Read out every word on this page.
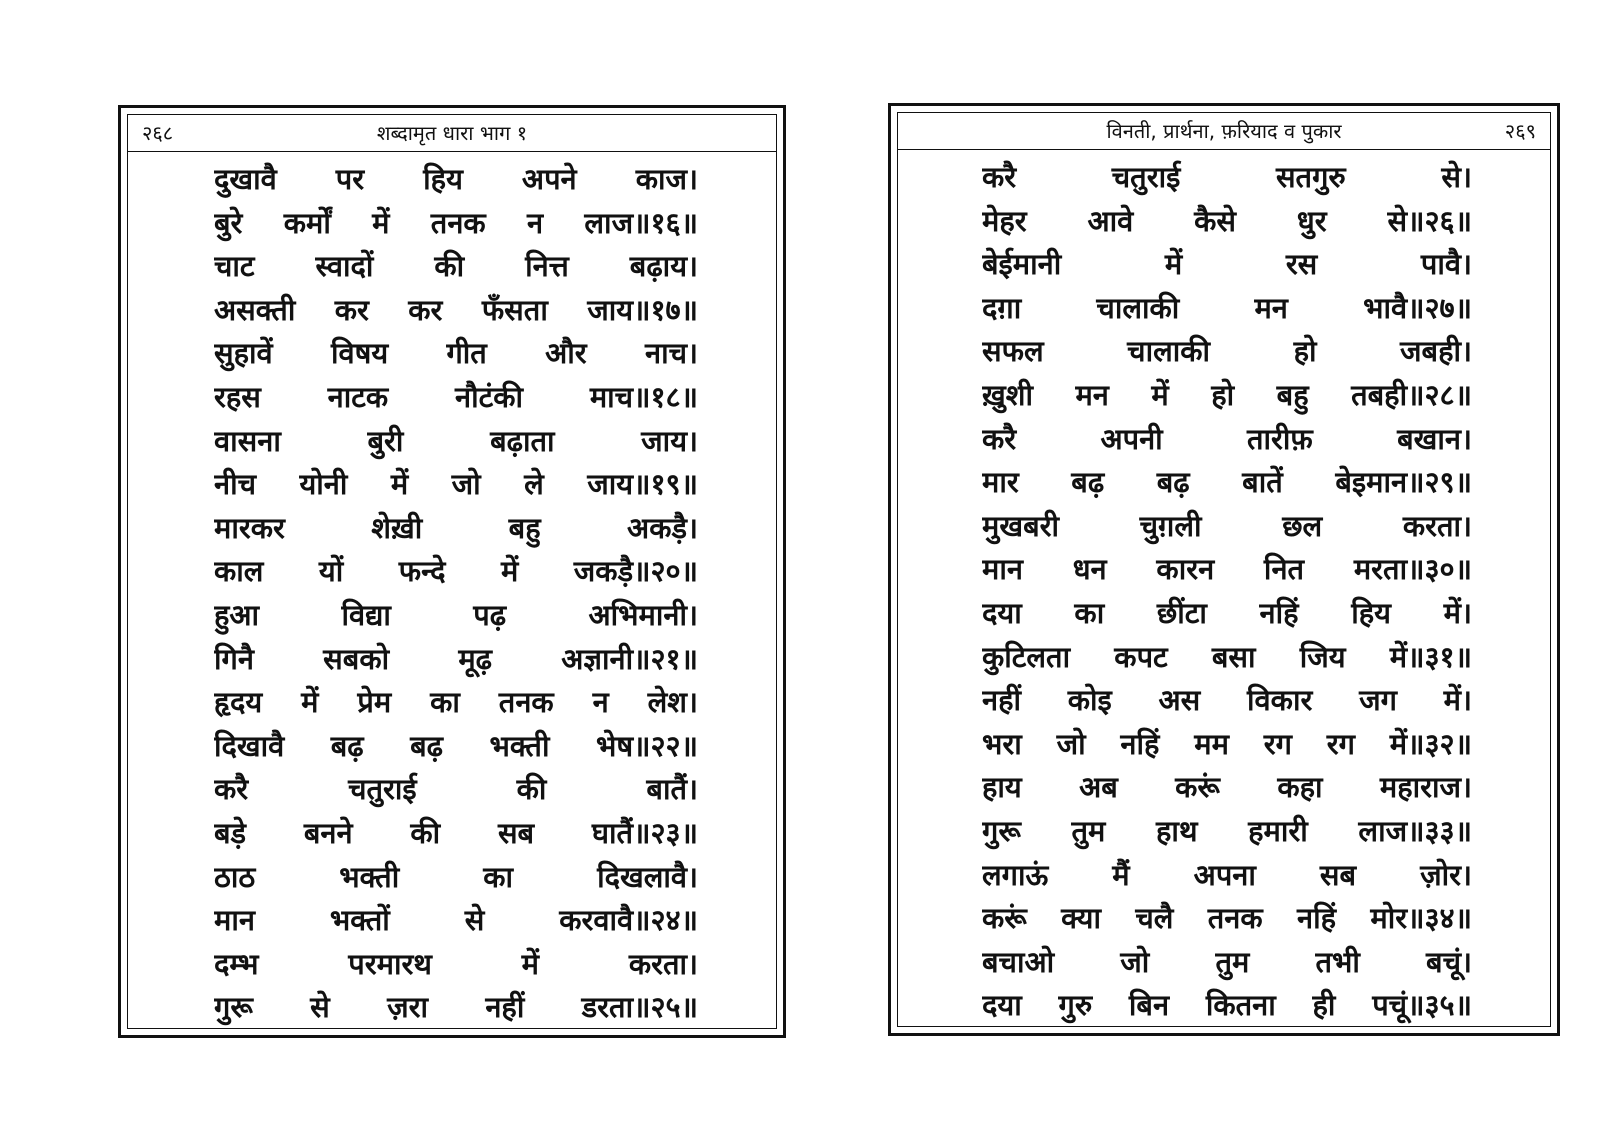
२६८	शब्दामृत धारा भाग १
दुखावै पर हिय अपने काज।
बुरे कर्मों में तनक न लाज॥१६॥
चाट स्वादों की नित्त बढ़ाय।
असक्ती कर कर फँसता जाय॥१७॥
सुहावें विषय गीत और नाच।
रहस नाटक नौटंकी माच॥१८॥
वासना बुरी बढ़ाता जाय।
नीच योनी में जो ले जाय॥१९॥
मारकर शेख़ी बहु अकड़ै।
काल यों फन्दे में जकड़ै॥२०॥
हुआ विद्या पढ़ अभिमानी।
गिनै सबको मूढ़ अज्ञानी॥२१॥
हृदय में प्रेम का तनक न लेश।
दिखावै बढ़ बढ़ भक्ती भेष॥२२॥
करै चतुराई की बातैं।
बड़े बनने की सब घातैं॥२३॥
ठाठ भक्ती का दिखलावै।
मान भक्तों से करवावै॥२४॥
दम्भ परमारथ में करता।
गुरू से ज़रा नहीं डरता॥२५॥
विनती, प्रार्थना, फ़रियाद व पुकार	२६९
करै चतुराई सतगुरु से।
मेहर आवे कैसे धुर से॥२६॥
बेईमानी में रस पावै।
दग़ा चालाकी मन भावै॥२७॥
सफल चालाकी हो जबही।
ख़ुशी मन में हो बहु तबही॥२८॥
करै अपनी तारीफ़ बखान।
मार बढ़ बढ़ बातें बेइमान॥२९॥
मुखबरी चुग़ली छल करता।
मान धन कारन नित मरता॥३०॥
दया का छींटा नहिं हिय में।
कुटिलता कपट बसा जिय में॥३१॥
नहीं कोइ अस विकार जग में।
भरा जो नहिं मम रग रग में॥३२॥
हाय अब करूं कहा महाराज।
गुरू तुम हाथ हमारी लाज॥३३॥
लगाऊं मैं अपना सब ज़ोर।
करूं क्या चलै तनक नहिं मोर॥३४॥
बचाओ जो तुम तभी बचूं।
दया गुरु बिन कितना ही पचूं॥३५॥
